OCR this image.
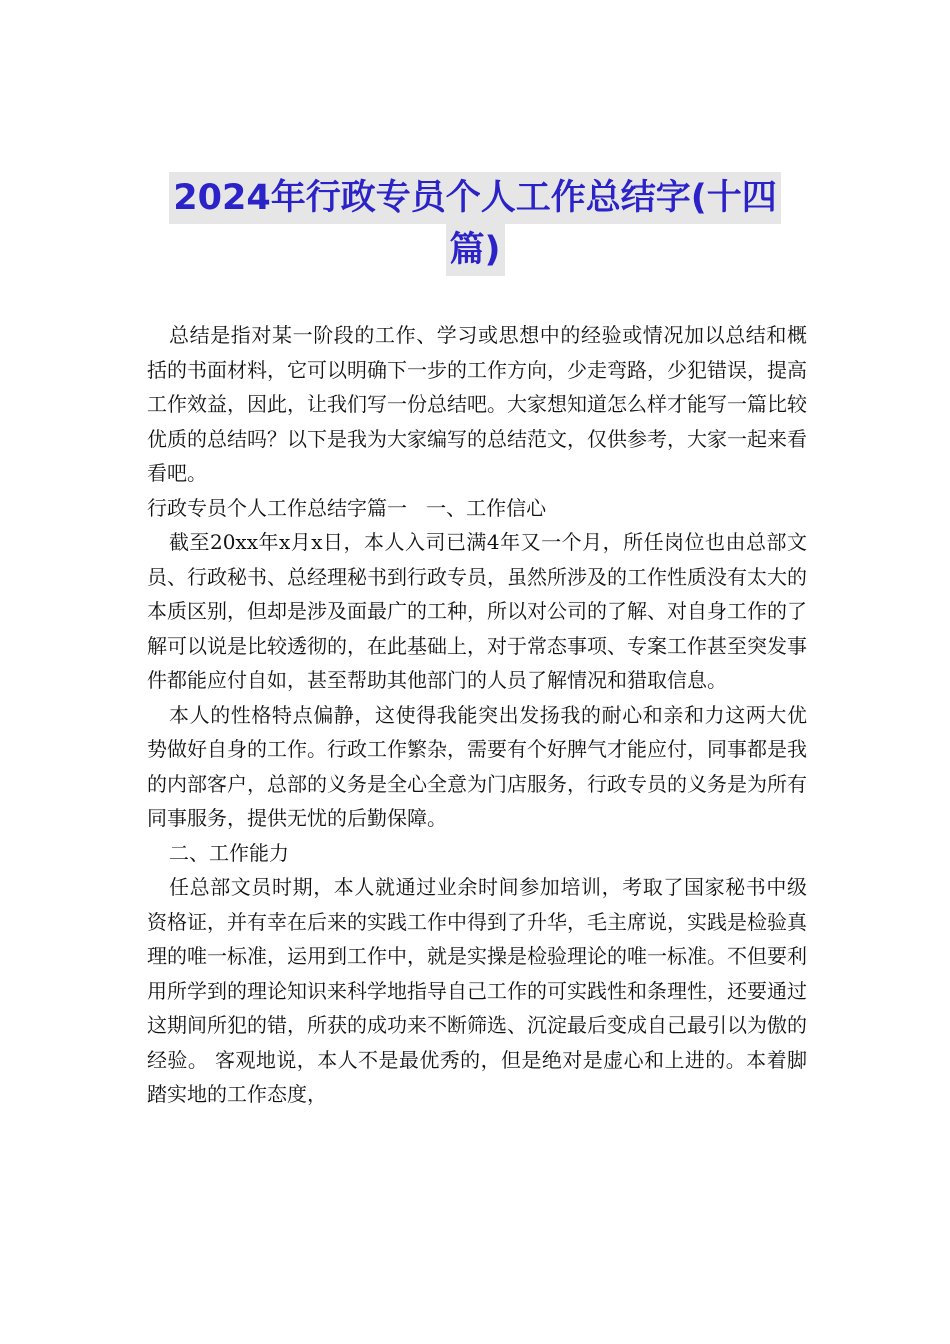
2024年行政专员个人工作总结字(十四
篇)

总结是指对某一阶段的工作、学习或思想中的经验或情况加以总结和概括的书面材料，它可以明确下一步的工作方向，少走弯路，少犯错误，提高工作效益，因此，让我们写一份总结吧。大家想知道怎么样才能写一篇比较优质的总结吗？以下是我为大家编写的总结范文，仅供参考，大家一起来看看吧。

行政专员个人工作总结字篇一   一、工作信心

截至20xx年x月x日，本人入司已满4年又一个月，所任岗位也由总部文员、行政秘书、总经理秘书到行政专员，虽然所涉及的工作性质没有太大的本质区别，但却是涉及面最广的工种，所以对公司的了解、对自身工作的了解可以说是比较透彻的，在此基础上，对于常态事项、专案工作甚至突发事件都能应付自如，甚至帮助其他部门的人员了解情况和猎取信息。

本人的性格特点偏静，这使得我能突出发扬我的耐心和亲和力这两大优势做好自身的工作。行政工作繁杂，需要有个好脾气才能应付，同事都是我的内部客户，总部的义务是全心全意为门店服务，行政专员的义务是为所有同事服务，提供无忧的后勤保障。

二、工作能力

任总部文员时期，本人就通过业余时间参加培训，考取了国家秘书中级资格证，并有幸在后来的实践工作中得到了升华，毛主席说，实践是检验真理的唯一标准，运用到工作中，就是实操是检验理论的唯一标准。不但要利用所学到的理论知识来科学地指导自己工作的可实践性和条理性，还要通过这期间所犯的错，所获的成功来不断筛选、沉淀最后变成自己最引以为傲的经验。 客观地说，本人不是最优秀的，但是绝对是虚心和上进的。本着脚踏实地的工作态度，
